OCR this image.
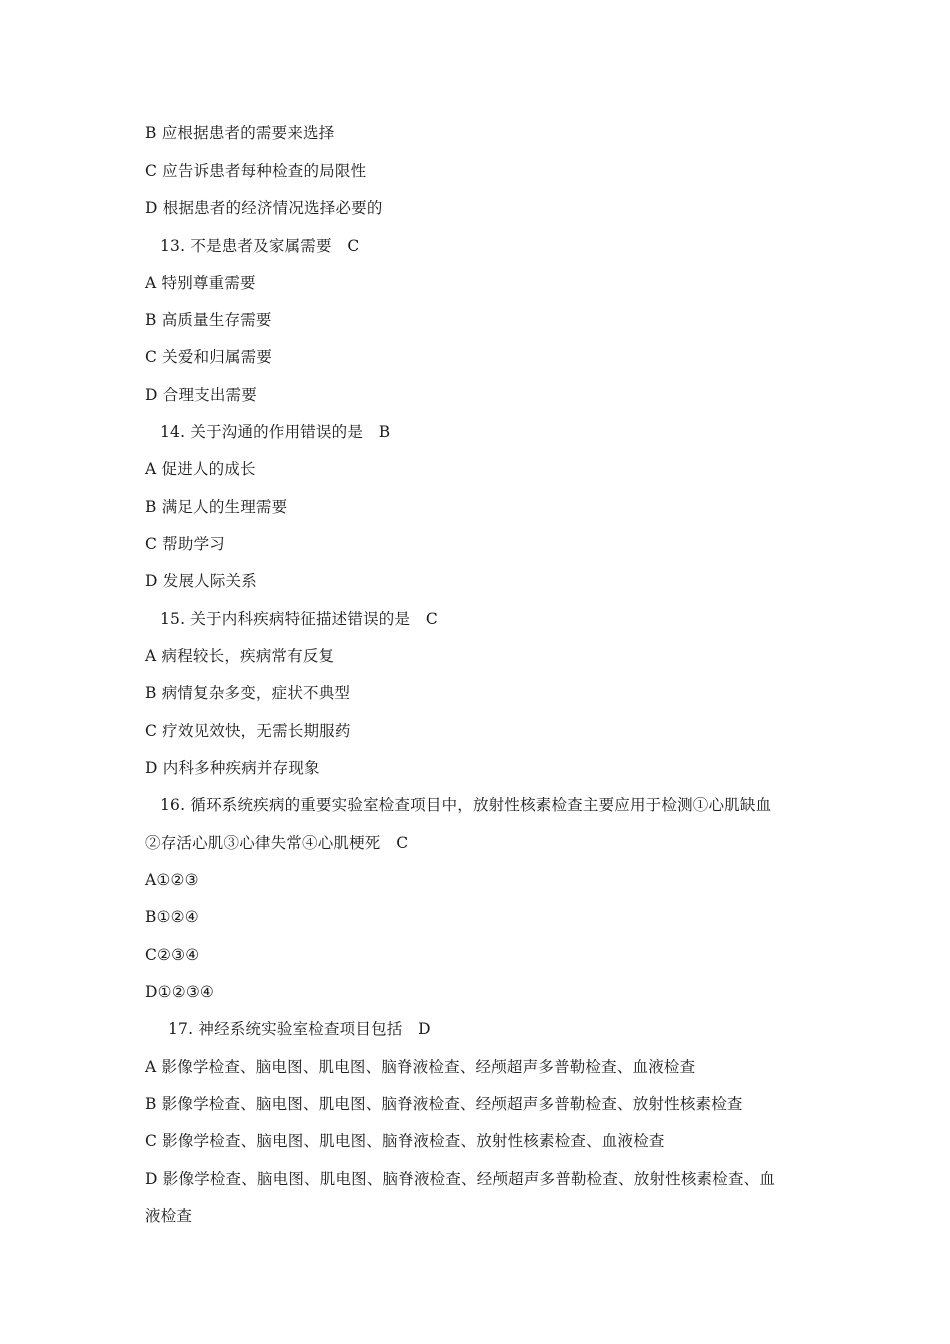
B 应根据患者的需要来选择
C 应告诉患者每种检查的局限性
D 根据患者的经济情况选择必要的
13. 不是患者及家属需要　C
A 特别尊重需要
B 高质量生存需要
C 关爱和归属需要
D 合理支出需要
14. 关于沟通的作用错误的是　B
A 促进人的成长
B 满足人的生理需要
C 帮助学习
D 发展人际关系
15. 关于内科疾病特征描述错误的是　C
A 病程较长，疾病常有反复
B 病情复杂多变，症状不典型
C 疗效见效快，无需长期服药
D 内科多种疾病并存现象
16. 循环系统疾病的重要实验室检查项目中，放射性核素检查主要应用于检测①心肌缺血
②存活心肌③心律失常④心肌梗死　C
A①②③
B①②④
C②③④
D①②③④
17. 神经系统实验室检查项目包括　D
A 影像学检查、脑电图、肌电图、脑脊液检查、经颅超声多普勒检查、血液检查
B 影像学检查、脑电图、肌电图、脑脊液检查、经颅超声多普勒检查、放射性核素检查
C 影像学检查、脑电图、肌电图、脑脊液检查、放射性核素检查、血液检查
D 影像学检查、脑电图、肌电图、脑脊液检查、经颅超声多普勒检查、放射性核素检查、血
液检查
